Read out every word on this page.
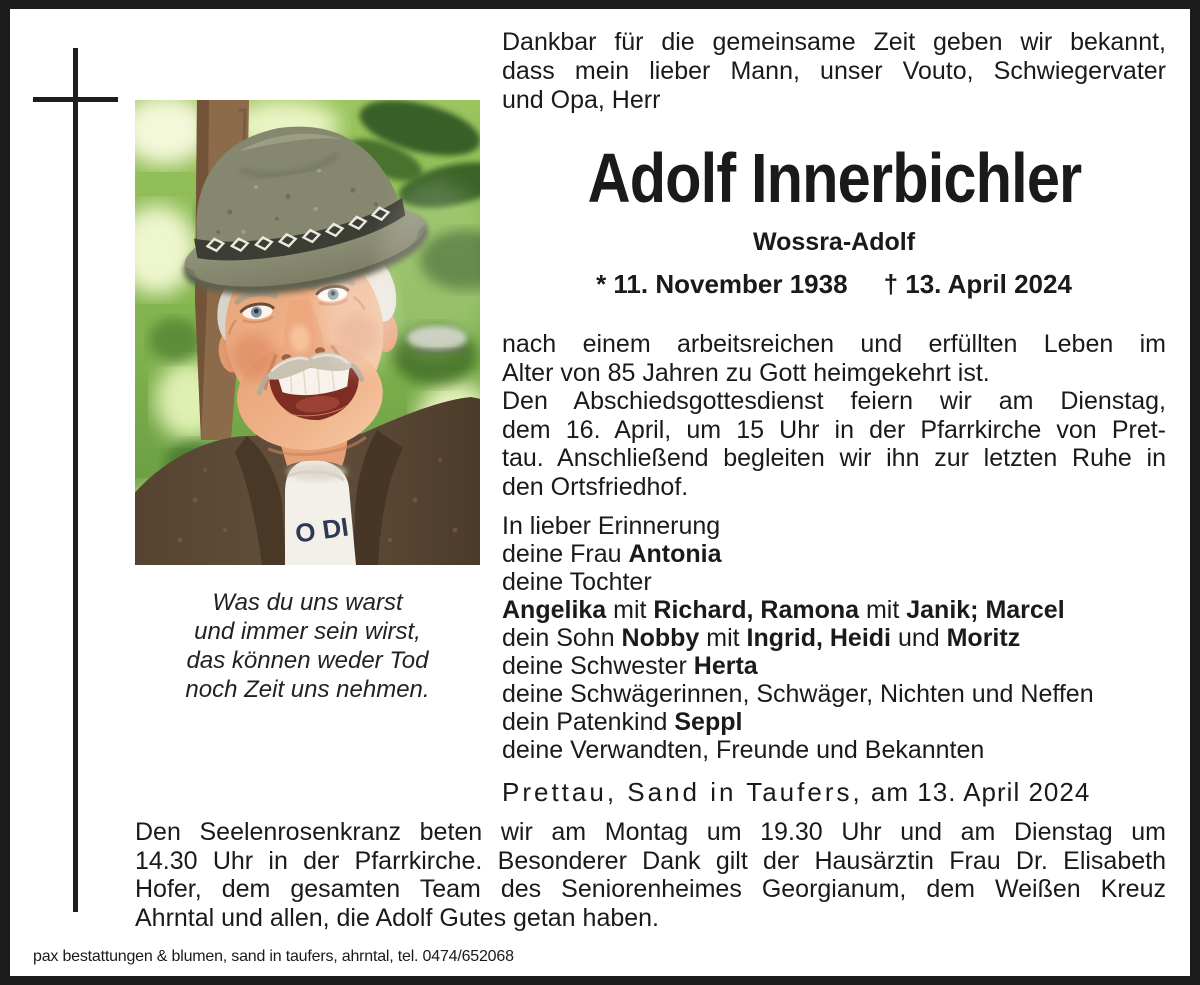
O DI
Dankbar für die gemeinsame Zeit geben wir bekannt,
dass mein lieber Mann, unser Vouto, Schwiegervater
und Opa, Herr
Adolf Innerbichler
Wossra-Adolf
* 11. November 1938 † 13. April 2024
nach einem arbeitsreichen und erfüllten Leben im
Alter von 85 Jahren zu Gott heimgekehrt ist.
Den Abschiedsgottesdienst feiern wir am Dienstag,
dem 16. April, um 15 Uhr in der Pfarrkirche von Pret-
tau. Anschließend begleiten wir ihn zur letzten Ruhe in
den Ortsfriedhof.
Was du uns warst
und immer sein wirst,
das können weder Tod
noch Zeit uns nehmen.
In lieber Erinnerung
deine Frau Antonia
deine Tochter
Angelika mit Richard, Ramona mit Janik; Marcel
dein Sohn Nobby mit Ingrid, Heidi und Moritz
deine Schwester Herta
deine Schwägerinnen, Schwäger, Nichten und Neffen
dein Patenkind Seppl
deine Verwandten, Freunde und Bekannten
Prettau, Sand in Taufers, am 13. April 2024
Den Seelenrosenkranz beten wir am Montag um 19.30 Uhr und am Dienstag um
14.30 Uhr in der Pfarrkirche. Besonderer Dank gilt der Hausärztin Frau Dr. Elisabeth
Hofer, dem gesamten Team des Seniorenheimes Georgianum, dem Weißen Kreuz
Ahrntal und allen, die Adolf Gutes getan haben.
pax bestattungen & blumen, sand in taufers, ahrntal, tel. 0474/652068
